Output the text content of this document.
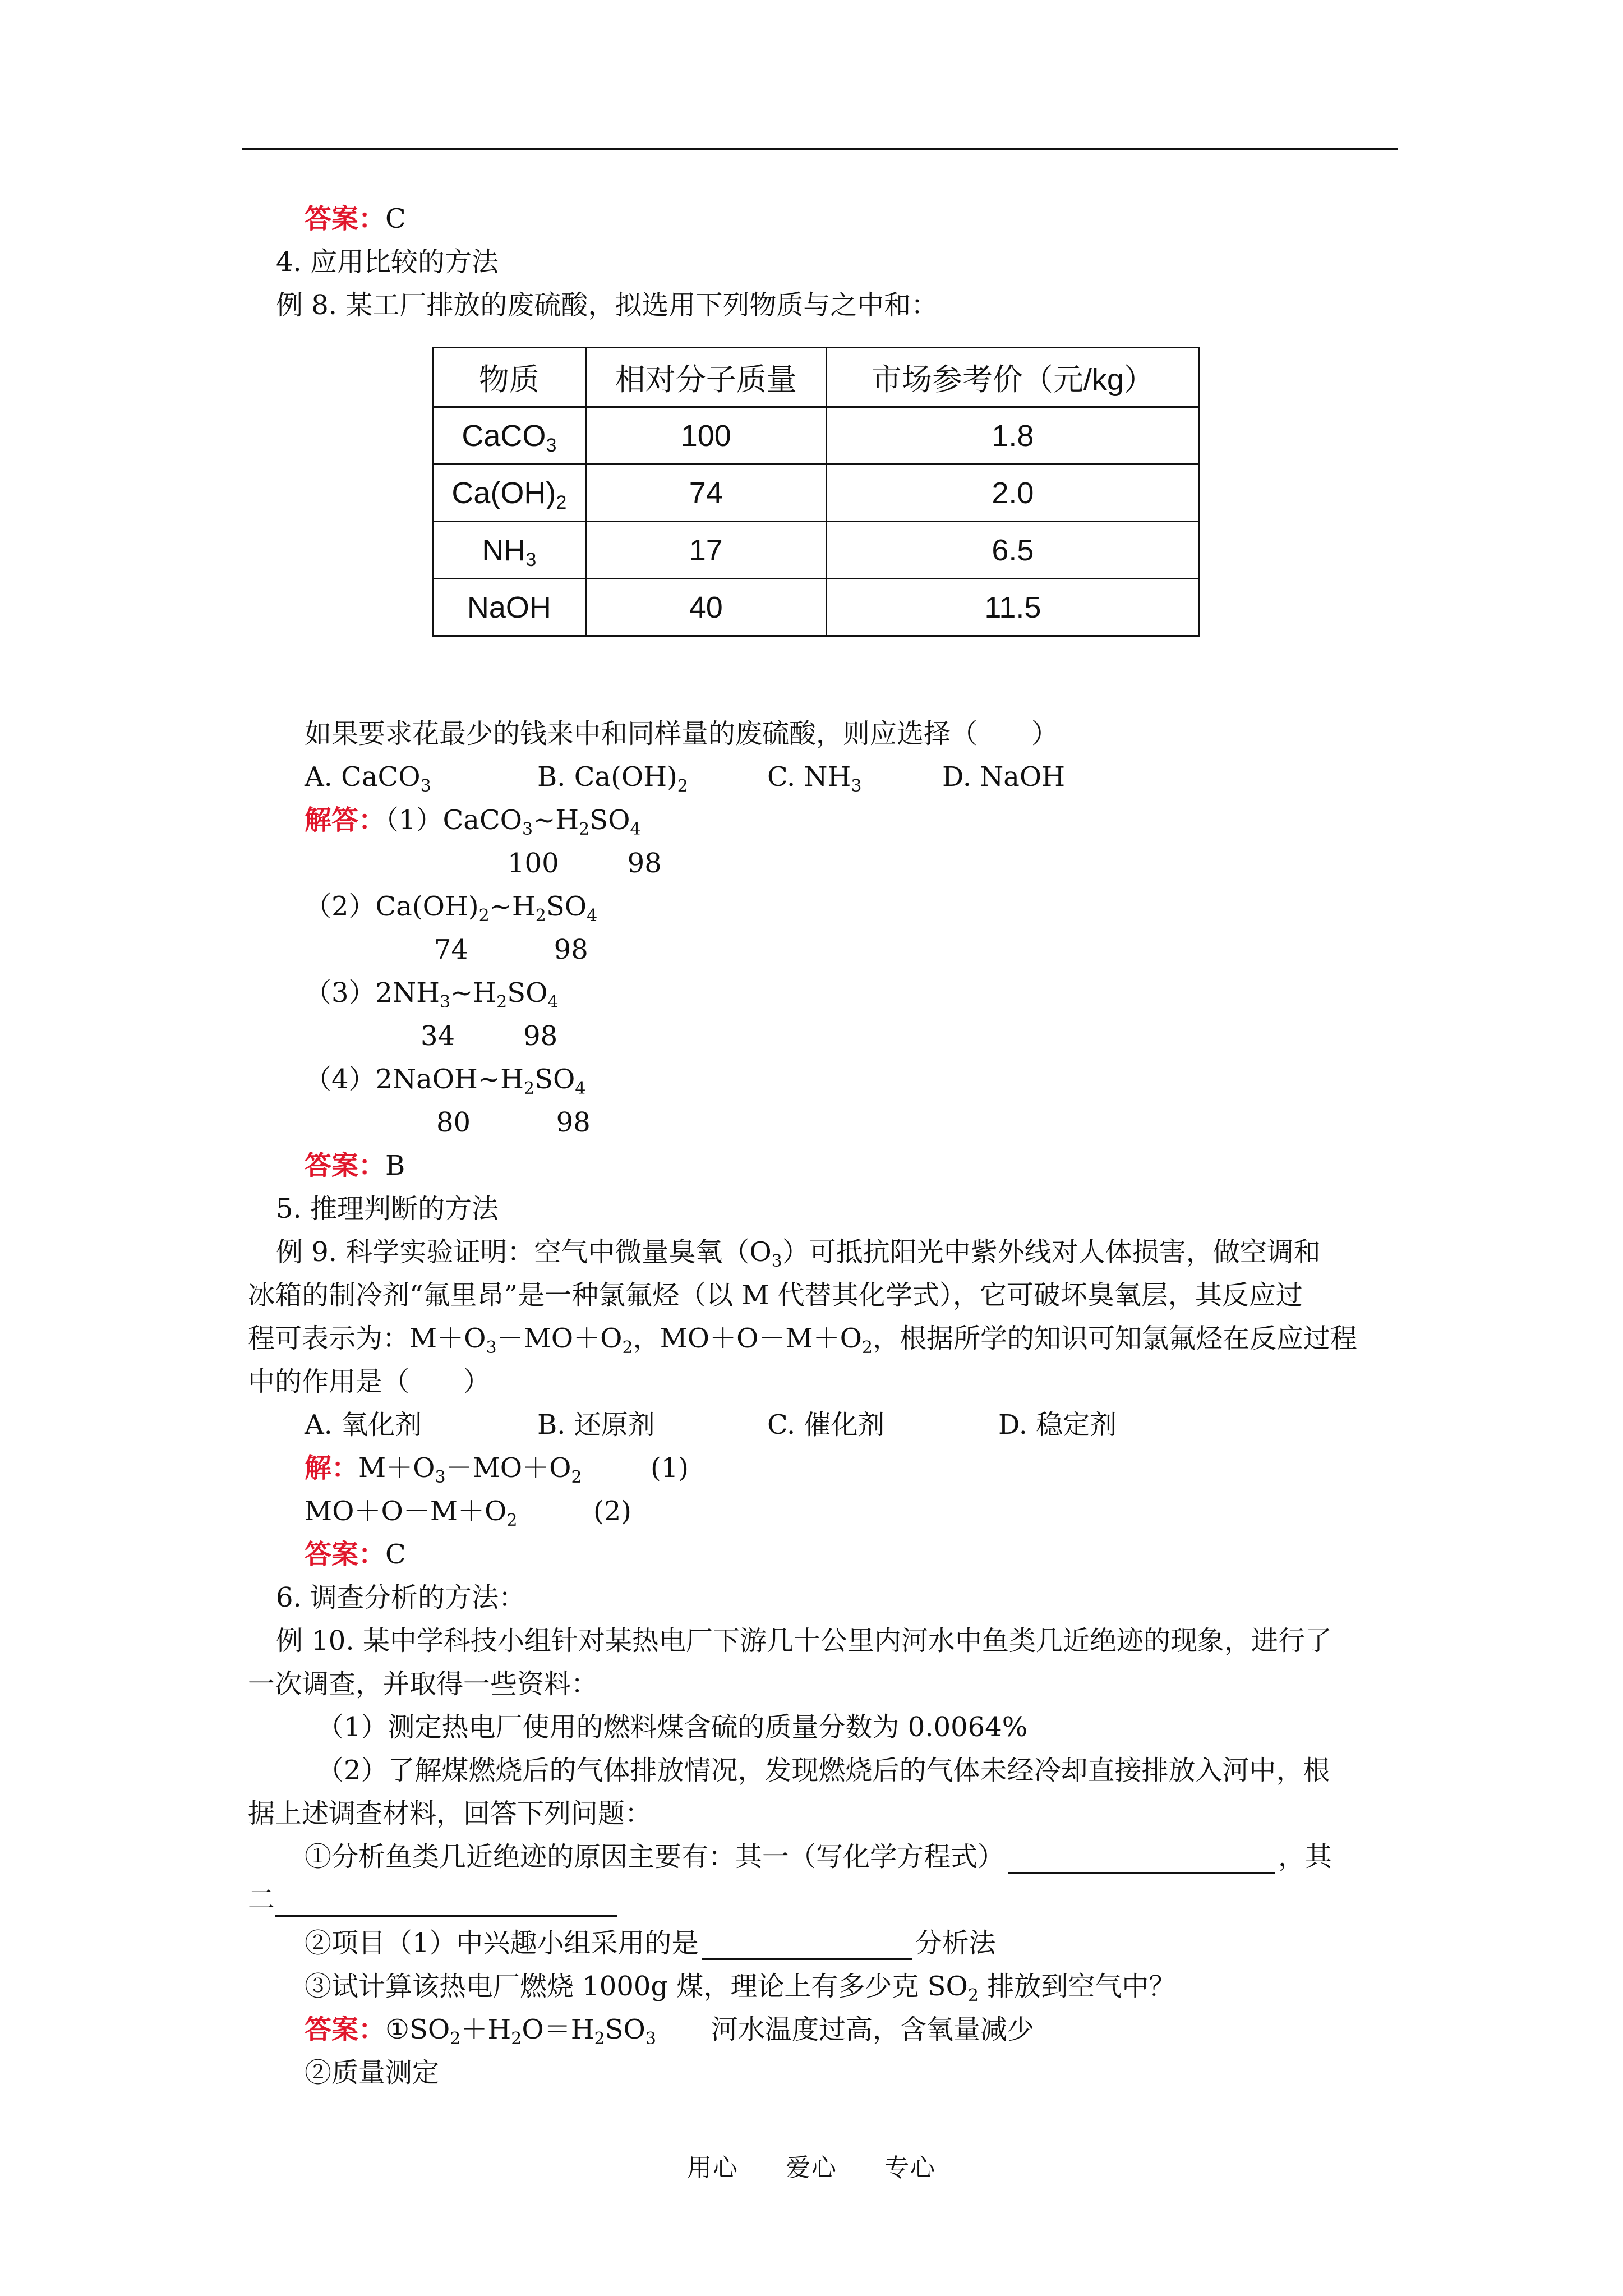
答案：C
4. 应用比较的方法
例 8. 某工厂排放的废硫酸，拟选用下列物质与之中和：
物质	相对分子质量	市场参考价（元/kg）
CaCO$_3$	100	1.8
$Ca(OH)_2$	74	2.0
$NH_3$	17	6.5
NaOH	40	11.5
如果要求花最少的钱来中和同样量的废硫酸，则应选择（　　）
A. CaCO$_3$	B. $Ca(OH)_2$	C. $NH_3$	D. NaOH
解答：$(1)CaCO_3\sim H_2SO_4$
100        98
$(2)Ca(OH)_2\sim H_2SO_4$
74          98
$(3)2NH_3\sim H_2SO_4$
34        98
$(4)2NaOH\sim H_2SO_4$
80          98
答案：B
5. 推理判断的方法
例 9. 科学实验证明：空气中微量臭氧$(O_3)$可抵抗阳光中紫外线对人体损害，做空调和
冰箱的制冷剂“氟里昂”是一种氯氟烃（以 M 代替其化学式），它可破坏臭氧层，其反应过
程可表示为：$M+O_3-MO+O_2$，$MO+O-M+O_2$，根据所学的知识可知氯氟烃在反应过程
中的作用是（　　）
A. 氧化剂	B. 还原剂	C. 催化剂	D. 稳定剂
解：$M+O_3-MO+O_2$	(1)
$MO+O-M+O_2$	(2)
答案：C
6. 调查分析的方法：
例 10. 某中学科技小组针对某热电厂下游几十公里内河水中鱼类几近绝迹的现象，进行了
一次调查，并取得一些资料：
（1）测定热电厂使用的燃料煤含硫的质量分数为 0.0064%
（2）了解煤燃烧后的气体排放情况，发现燃烧后的气体未经冷却直接排放入河中，根
据上述调查材料，回答下列问题：
①分析鱼类几近绝迹的原因主要有：其一（写化学方程式）	，其
二
②项目（1）中兴趣小组采用的是	分析法
③试计算该热电厂燃烧 1000g 煤，理论上有多少克 $SO_2$ 排放到空气中？
答案：$①SO_2+H_2O=H_2SO_3$ 河水温度过高，含氧量减少
②质量测定
用心 爱心 专心
